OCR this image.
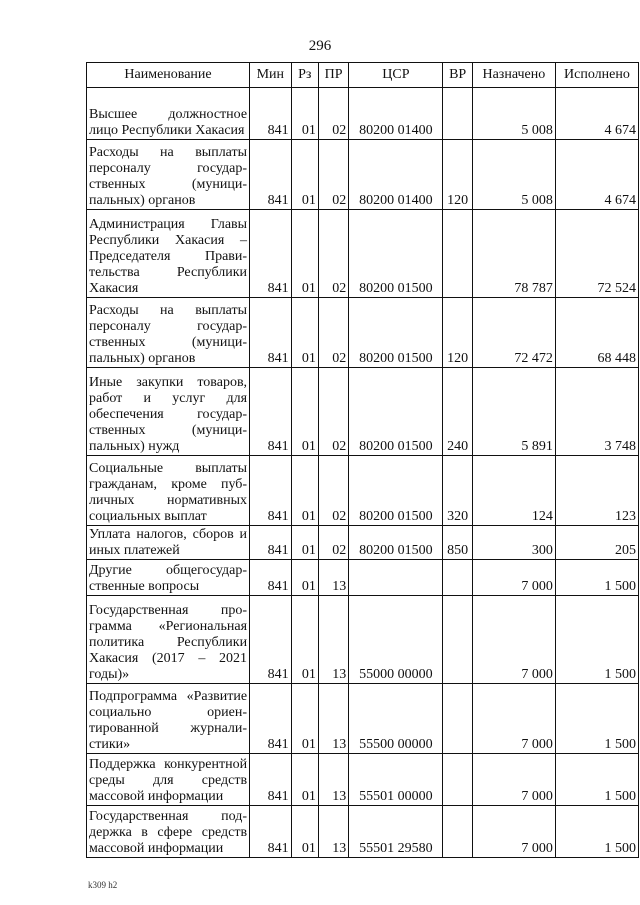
296
Наименование	Мин	Рз	ПР	ЦСР	ВР	Назначено	Исполнено
Высшее должностное лицо Республики Хакасия	841	01	02	80200 01400		5 008	4 674
Расходы на выплаты персоналу государственных (муниципальных) органов	841	01	02	80200 01400	120	5 008	4 674
Администрация Главы Республики Хакасия – Председателя Правительства Республики Хакасия	841	01	02	80200 01500		78 787	72 524
Расходы на выплаты персоналу государственных (муниципальных) органов	841	01	02	80200 01500	120	72 472	68 448
Иные закупки товаров, работ и услуг для обеспечения государственных (муниципальных) нужд	841	01	02	80200 01500	240	5 891	3 748
Социальные выплаты гражданам, кроме публичных нормативных социальных выплат	841	01	02	80200 01500	320	124	123
Уплата налогов, сборов и иных платежей	841	01	02	80200 01500	850	300	205
Другие общегосударственные вопросы	841	01	13			7 000	1 500
Государственная программа «Региональная политика Республики Хакасия (2017 – 2021 годы)»	841	01	13	55000 00000		7 000	1 500
Подпрограмма «Развитие социально ориентированной журналистики»	841	01	13	55500 00000		7 000	1 500
Поддержка конкурентной среды для средств массовой информации	841	01	13	55501 00000		7 000	1 500
Государственная поддержка в сфере средств массовой информации	841	01	13	55501 29580		7 000	1 500
k309 h2
